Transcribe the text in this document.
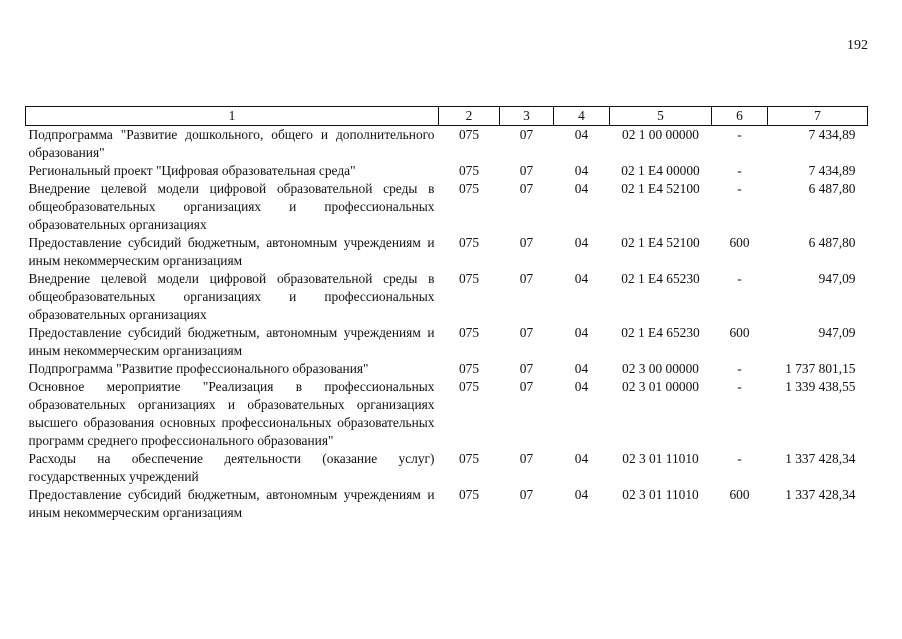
192
1	2	3	4	5	6	7
Подпрограмма "Развитие дошкольного, общего и дополнительного образования"	075	07	04	02 1 00 00000	-	7 434,89
Региональный проект "Цифровая образовательная среда"	075	07	04	02 1 E4 00000	-	7 434,89
Внедрение целевой модели цифровой образовательной среды в общеобразовательных организациях и профессиональных образовательных организациях	075	07	04	02 1 E4 52100	-	6 487,80
Предоставление субсидий бюджетным, автономным учреждениям и иным некоммерческим организациям	075	07	04	02 1 E4 52100	600	6 487,80
Внедрение целевой модели цифровой образовательной среды в общеобразовательных организациях и профессиональных образовательных организациях	075	07	04	02 1 E4 65230	-	947,09
Предоставление субсидий бюджетным, автономным учреждениям и иным некоммерческим организациям	075	07	04	02 1 E4 65230	600	947,09
Подпрограмма "Развитие профессионального образования"	075	07	04	02 3 00 00000	-	1 737 801,15
Основное мероприятие "Реализация в профессиональных образовательных организациях и образовательных организациях высшего образования основных профессиональных образовательных программ среднего профессионального образования"	075	07	04	02 3 01 00000	-	1 339 438,55
Расходы на обеспечение деятельности (оказание услуг) государственных учреждений	075	07	04	02 3 01 11010	-	1 337 428,34
Предоставление субсидий бюджетным, автономным учреждениям и иным некоммерческим организациям	075	07	04	02 3 01 11010	600	1 337 428,34
